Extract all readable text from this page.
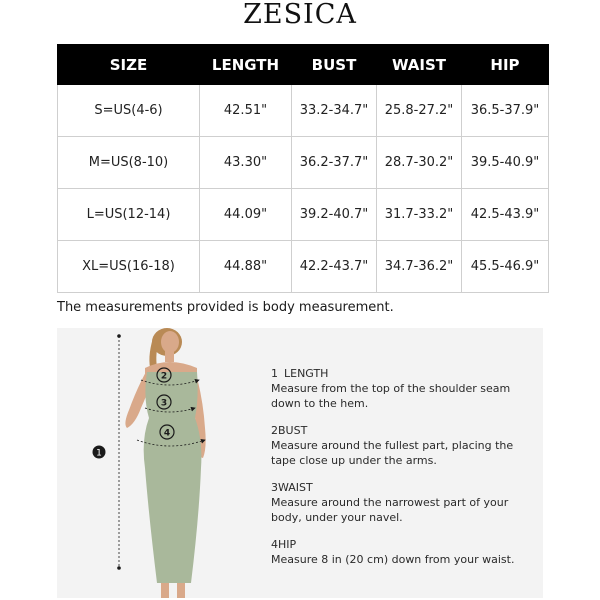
ZESICA
SIZE	LENGTH	BUST	WAIST	HIP
S=US(4-6)	42.51"	33.2-34.7"	25.8-27.2"	36.5-37.9"
M=US(8-10)	43.30"	36.2-37.7"	28.7-30.2"	39.5-40.9"
L=US(12-14)	44.09"	39.2-40.7"	31.7-33.2"	42.5-43.9"
XL=US(16-18)	44.88"	42.2-43.7"	34.7-36.2"	45.5-46.9"
The measurements provided is body measurement.
1
2
3
4
1 LENGTH
Measure from the top of the shoulder seam down to the hem.
2BUST
Measure around the fullest part, placing the tape close up under the arms.
3WAIST
Measure around the narrowest part of your body, under your navel.
4HIP
Measure 8 in (20 cm) down from your waist.
